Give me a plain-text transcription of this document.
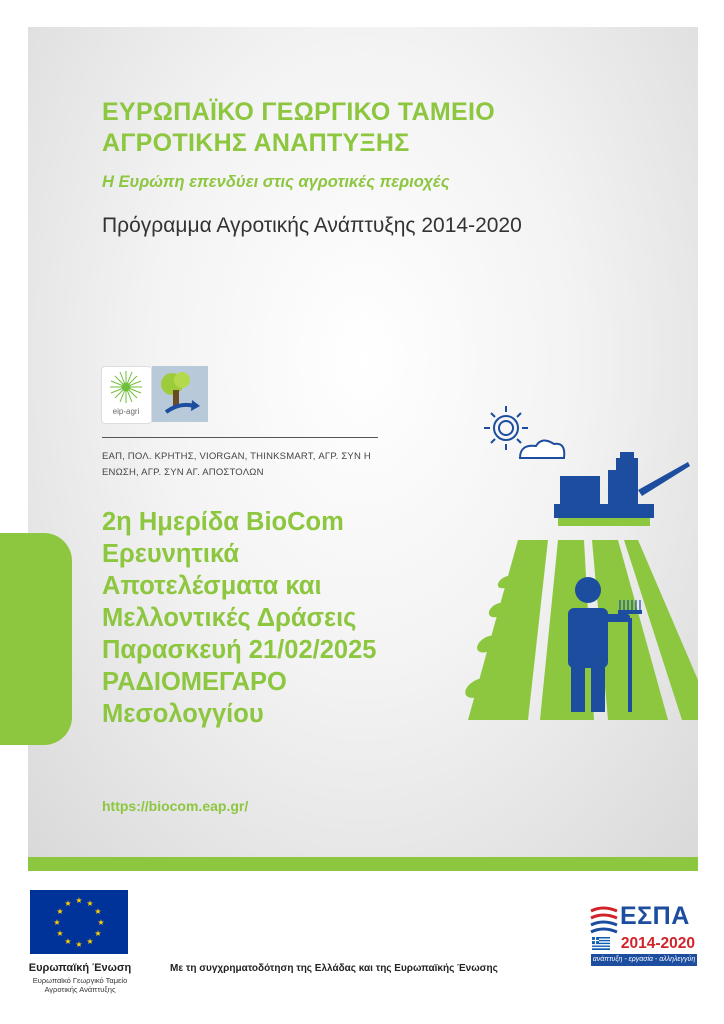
ΕΥΡΩΠΑΪΚΟ ΓΕΩΡΓΙΚΟ ΤΑΜΕΙΟ
ΑΓΡΟΤΙΚΗΣ ΑΝΑΠΤΥΞΗΣ
Η Ευρώπη επενδύει στις αγροτικές περιοχές
Πρόγραμμα Αγροτικής Ανάπτυξης 2014-2020
eip-agri
ΕΑΠ, ΠΟΛ. ΚΡΗΤΗΣ, VIORGAN, THINKSMART, ΑΓΡ. ΣΥΝ Η
ΕΝΩΣΗ, ΑΓΡ. ΣΥΝ ΑΓ. ΑΠΟΣΤΟΛΩΝ
2η Ημερίδα BioCom
Ερευνητικά
Αποτελέσματα και
Μελλοντικές Δράσεις
Παρασκευή 21/02/2025
ΡΑΔΙΟΜΕΓΑΡΟ
Μεσολογγίου
https://biocom.eap.gr/
★ ★
★
★
★
★
★
★
★
★
★
★
Ευρωπαϊκή Ένωση
Ευρωπαϊκό Γεωργικό Ταμείο
Αγροτικής Ανάπτυξης
Με τη συγχρηματοδότηση της Ελλάδας και της Ευρωπαϊκής Ένωσης
ΕΣΠΑ
2014-2020
ανάπτυξη - εργασία - αλληλεγγύη
